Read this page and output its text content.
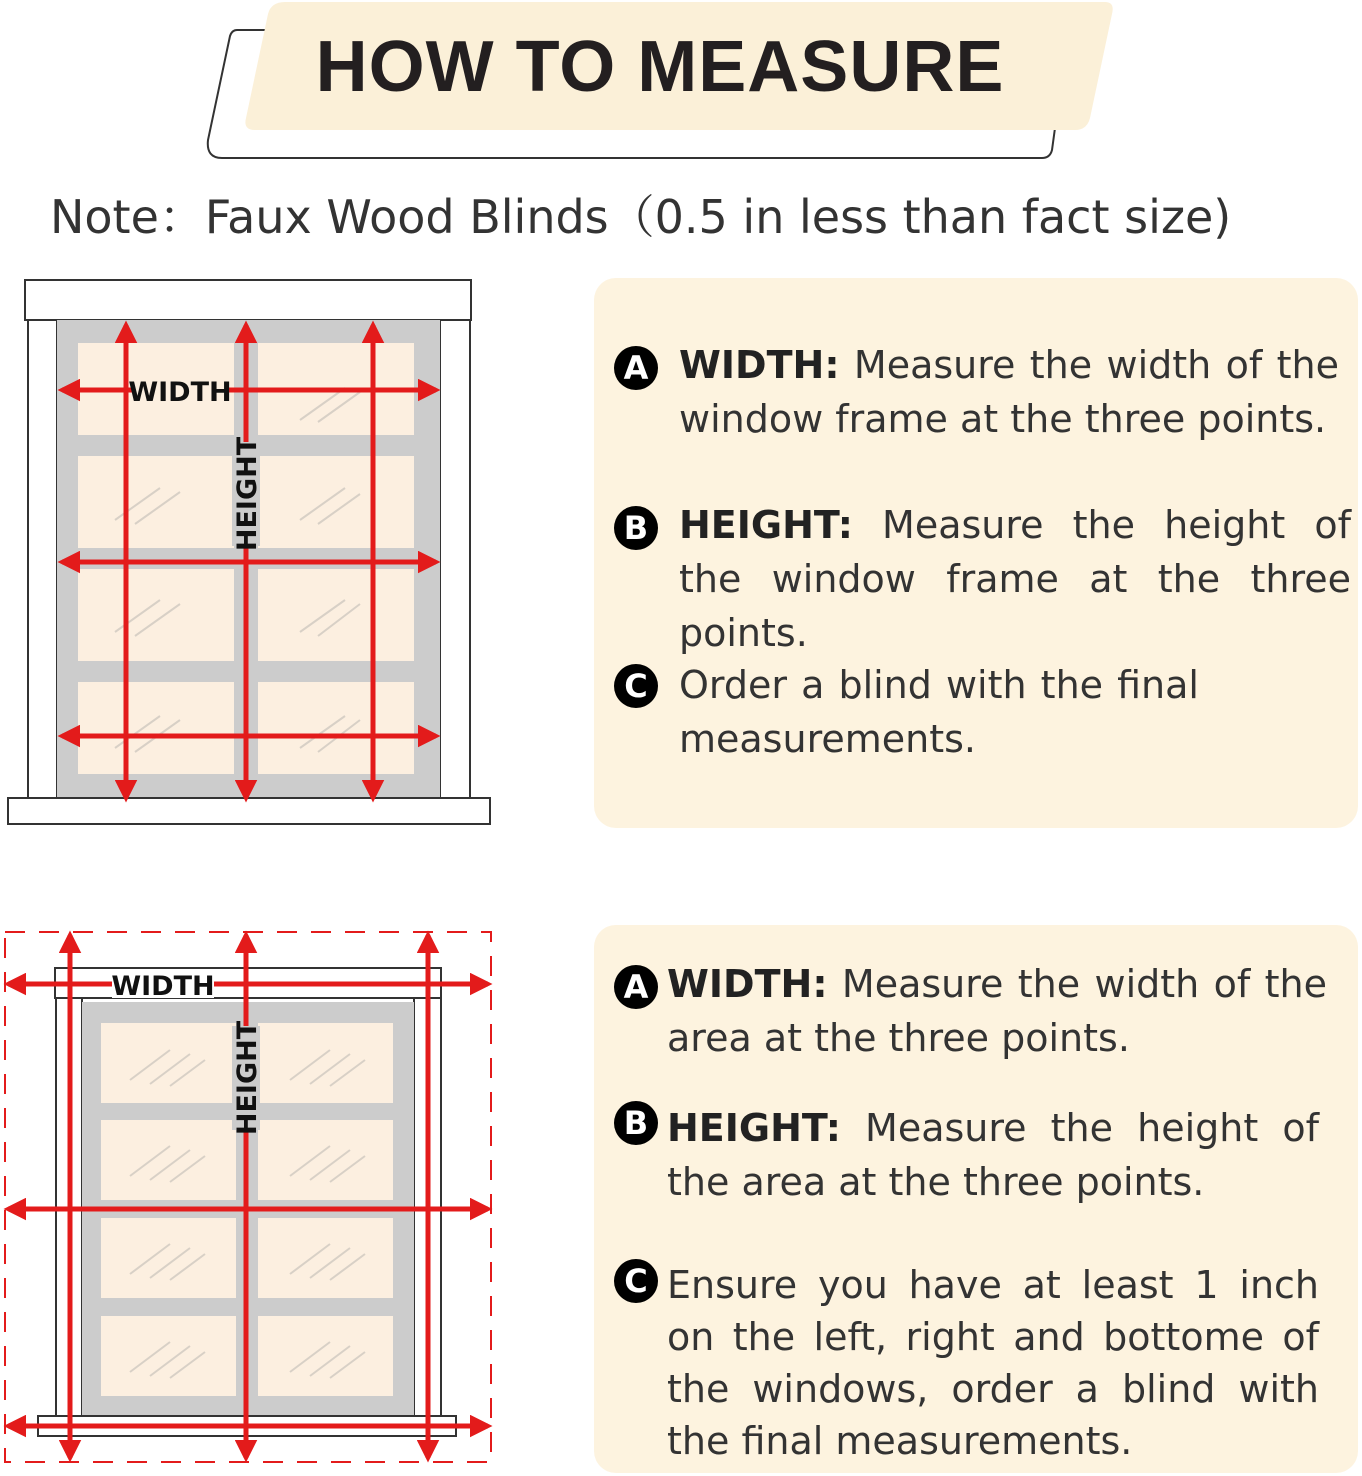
HOW TO MEASURE
Note：Faux Wood Blinds（0.5 in less than fact size)
WIDTH
HEIGHT
A WIDTH: Measure the width of the window frame at the three points.
B HEIGHT: Measure the height of the window frame at the three points.
C Order a blind with the final measurements.
WIDTH
HEIGHT
A WIDTH: Measure the width of the area at the three points.
B HEIGHT: Measure the height of the area at the three points.
C Ensure you have at least 1 inch on the left, right and bottome of the windows, order a blind with the final measurements.
